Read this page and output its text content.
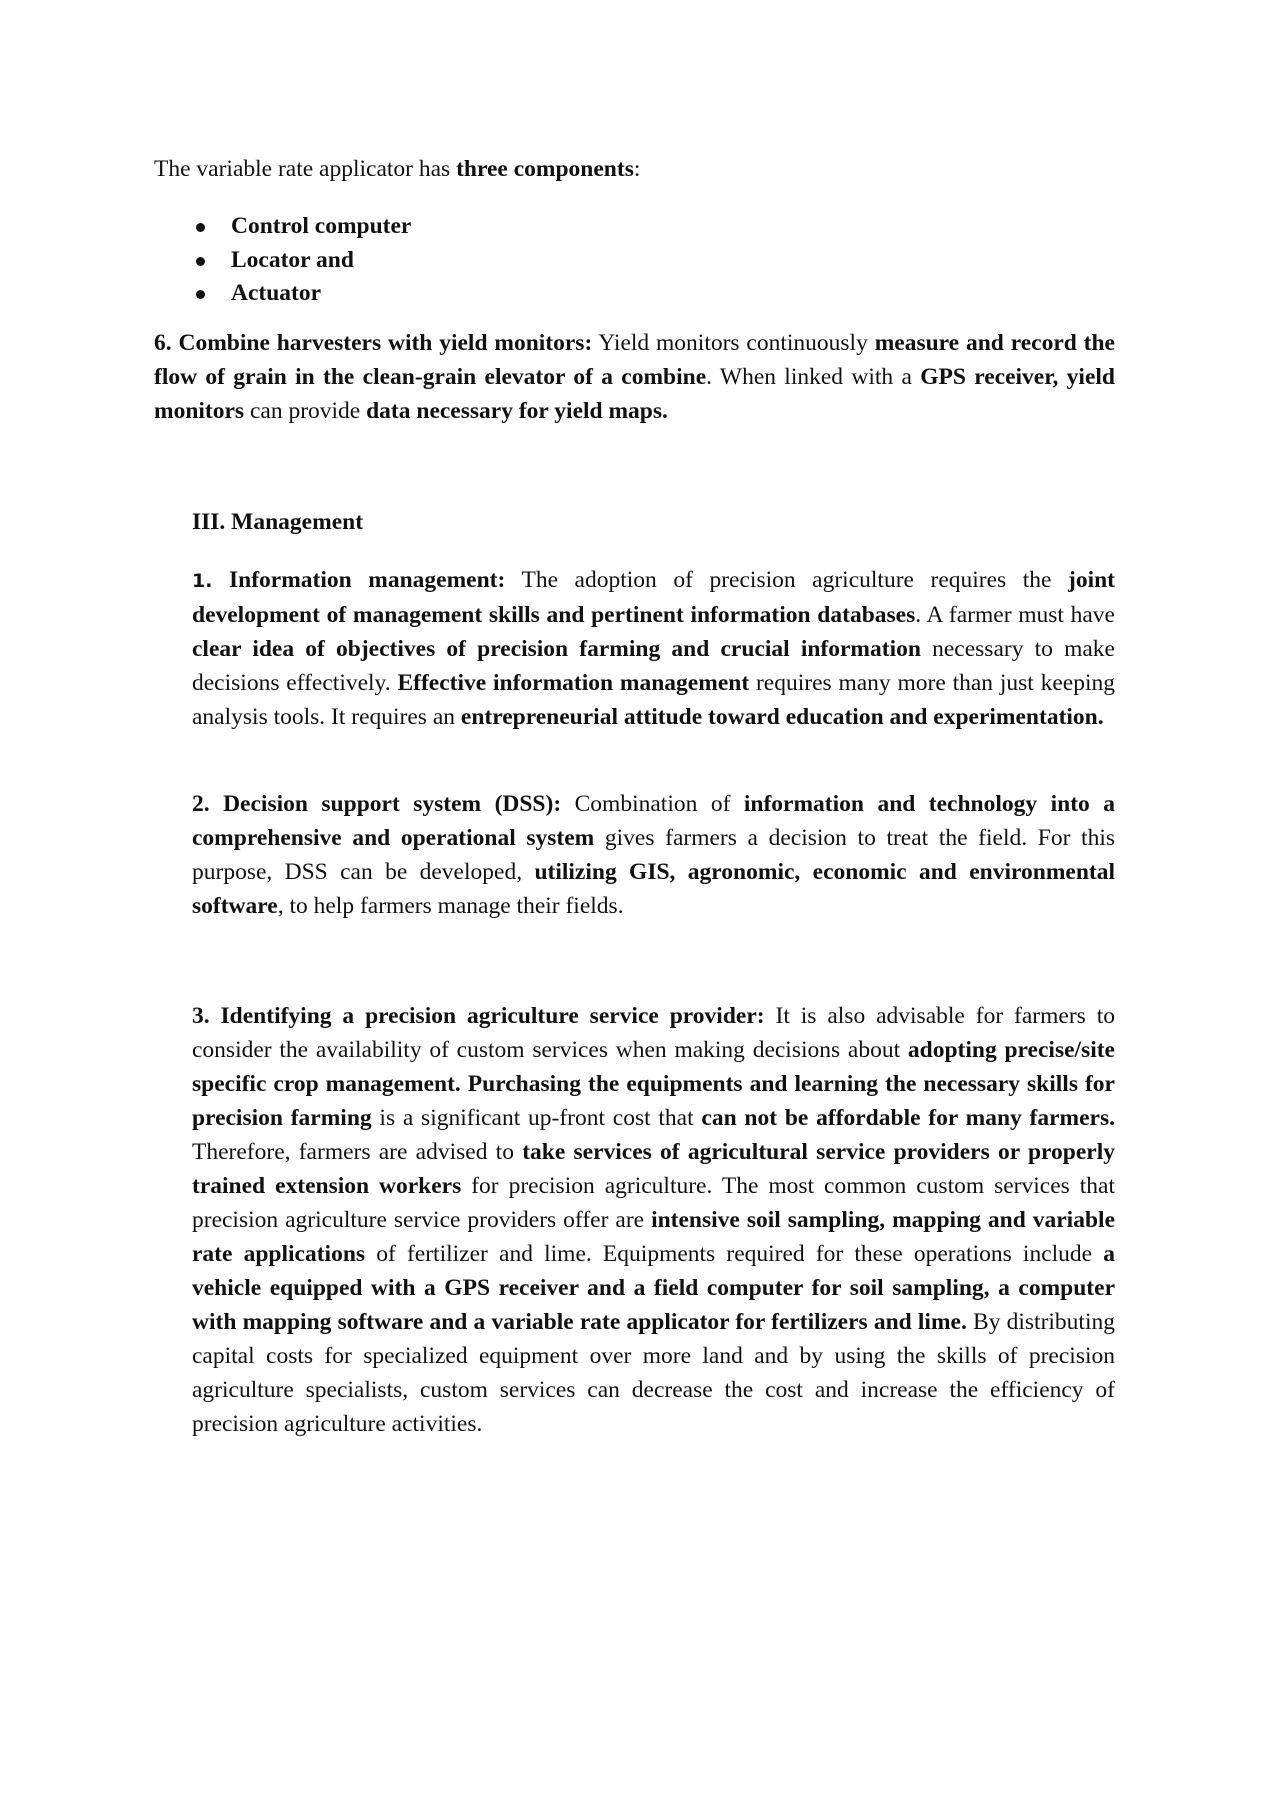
The variable rate applicator has three components:

Control computer
Locator and
Actuator

6. Combine harvesters with yield monitors: Yield monitors continuously measure and record the flow of grain in the clean-grain elevator of a combine. When linked with a GPS receiver, yield monitors can provide data necessary for yield maps.

III. Management

1. Information management: The adoption of precision agriculture requires the joint development of management skills and pertinent information databases. A farmer must have clear idea of objectives of precision farming and crucial information necessary to make decisions effectively. Effective information management requires many more than just keeping analysis tools. It requires an entrepreneurial attitude toward education and experimentation.

2. Decision support system (DSS): Combination of information and technology into a comprehensive and operational system gives farmers a decision to treat the field. For this purpose, DSS can be developed, utilizing GIS, agronomic, economic and environmental software, to help farmers manage their fields.

3. Identifying a precision agriculture service provider: It is also advisable for farmers to consider the availability of custom services when making decisions about adopting precise/site specific crop management. Purchasing the equipments and learning the necessary skills for precision farming is a significant up-front cost that can not be affordable for many farmers. Therefore, farmers are advised to take services of agricultural service providers or properly trained extension workers for precision agriculture. The most common custom services that precision agriculture service providers offer are intensive soil sampling, mapping and variable rate applications of fertilizer and lime. Equipments required for these operations include a vehicle equipped with a GPS receiver and a field computer for soil sampling, a computer with mapping software and a variable rate applicator for fertilizers and lime. By distributing capital costs for specialized equipment over more land and by using the skills of precision agriculture specialists, custom services can decrease the cost and increase the efficiency of precision agriculture activities.
